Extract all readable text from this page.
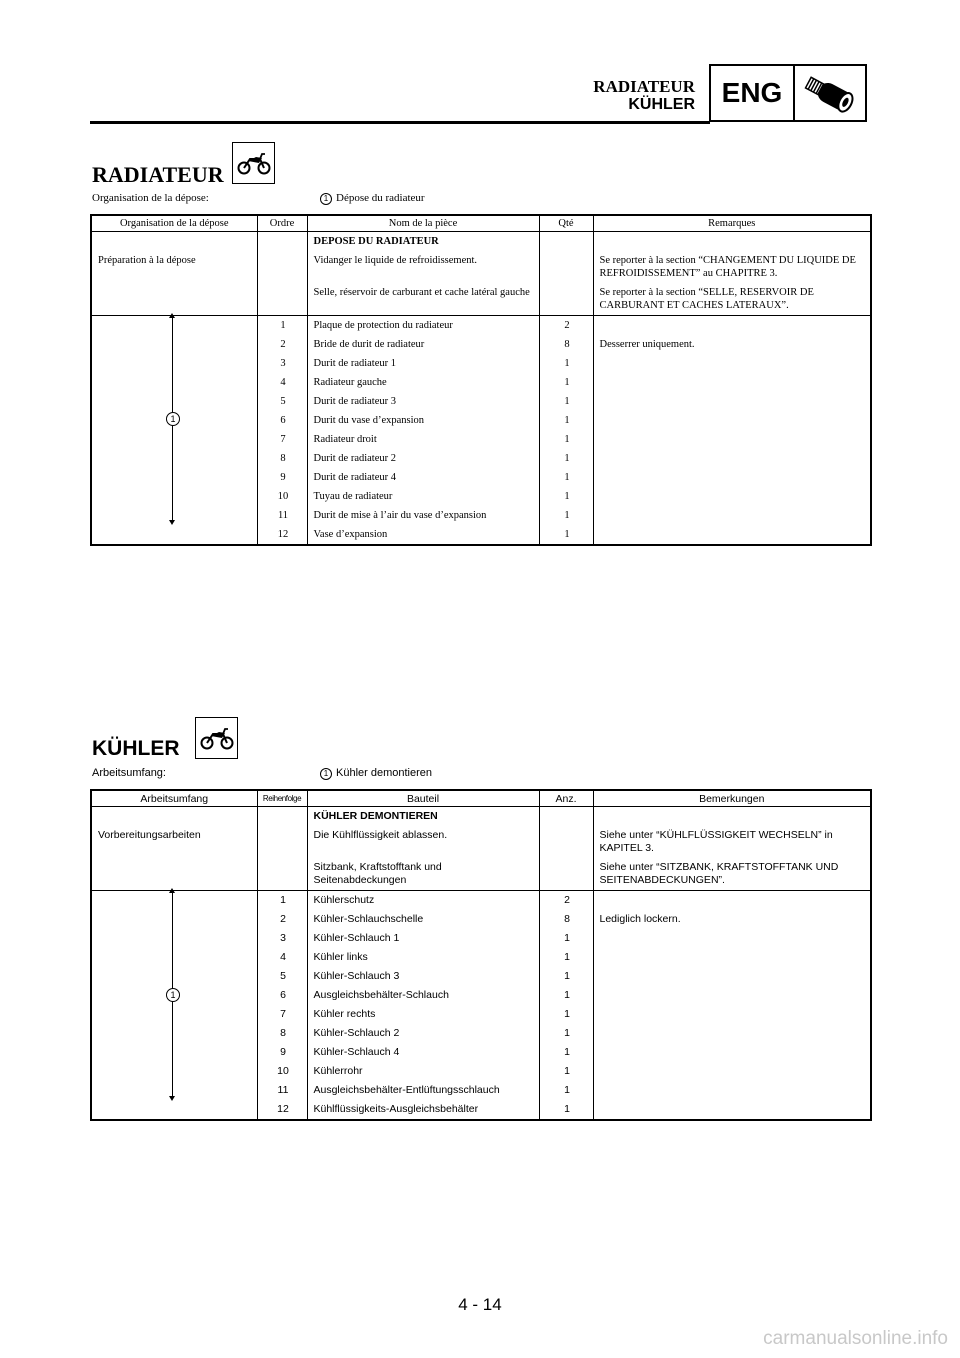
RADIATEUR
KÜHLER ENG
RADIATEUR
Organisation de la dépose:	1 Dépose du radiateur
Organisation de la dépose	Ordre	Nom de la pièce	Qté	Remarques
		DEPOSE DU RADIATEUR		
Préparation à la dépose		Vidanger le liquide de refroidissement.		Se reporter à la section “CHANGEMENT DU LIQUIDE DE REFROIDISSEMENT” au CHAPITRE 3.
		Selle, réservoir de carburant et cache latéral gauche		Se reporter à la section “SELLE, RESERVOIR DE CARBURANT ET CACHES LATERAUX”.
	1	Plaque de protection du radiateur	2	
	2	Bride de durit de radiateur	8	Desserrer uniquement.
	3	Durit de radiateur 1	1	
	4	Radiateur gauche	1	
	5	Durit de radiateur 3	1	
	6	Durit du vase d’expansion	1	
	7	Radiateur droit	1	
	8	Durit de radiateur 2	1	
	9	Durit de radiateur 4	1	
	10	Tuyau de radiateur	1	
	11	Durit de mise à l’air du vase d’expansion	1	
	12	Vase d’expansion	1	
1
KÜHLER
Arbeitsumfang:	1 Kühler demontieren
Arbeitsumfang	Reihenfolge	Bauteil	Anz.	Bemerkungen
		KÜHLER DEMONTIEREN		
Vorbereitungsarbeiten		Die Kühlflüssigkeit ablassen.		Siehe unter “KÜHLFLÜSSIGKEIT WECHSELN” in KAPITEL 3.
		Sitzbank, Kraftstofftank und Seitenabdeckungen		Siehe unter “SITZBANK, KRAFTSTOFFTANK UND SEITENABDECKUNGEN”.
	1	Kühlerschutz	2	
	2	Kühler-Schlauchschelle	8	Lediglich lockern.
	3	Kühler-Schlauch 1	1	
	4	Kühler links	1	
	5	Kühler-Schlauch 3	1	
	6	Ausgleichsbehälter-Schlauch	1	
	7	Kühler rechts	1	
	8	Kühler-Schlauch 2	1	
	9	Kühler-Schlauch 4	1	
	10	Kühlerrohr	1	
	11	Ausgleichsbehälter-Entlüftungsschlauch	1	
	12	Kühlflüssigkeits-Ausgleichsbehälter	1	
1
4 - 14
carmanualsonline.info
